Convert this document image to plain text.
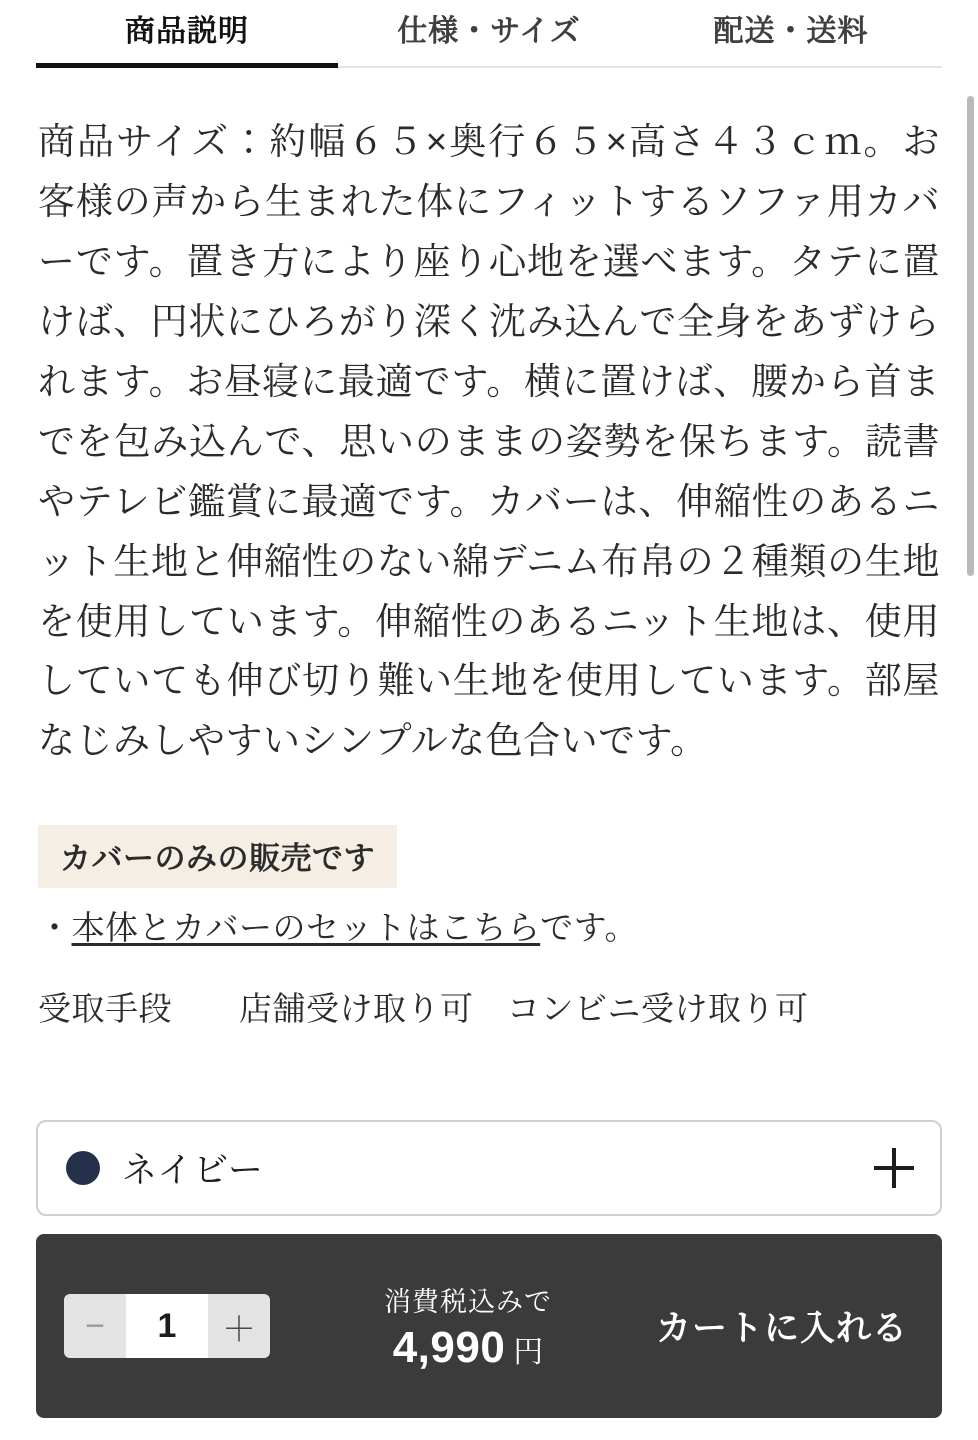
商品説明	仕様・サイズ	配送・送料

商品サイズ：約幅６５×奥行６５×高さ４３ｃｍ。お客様の声から生まれた体にフィットするソファ用カバーです。置き方により座り心地を選べます。タテに置けば、円状にひろがり深く沈み込んで全身をあずけられます。お昼寝に最適です。横に置けば、腰から首までを包み込んで、思いのままの姿勢を保ちます。読書やテレビ鑑賞に最適です。カバーは、伸縮性のあるニット生地と伸縮性のない綿デニム布帛の２種類の生地を使用しています。伸縮性のあるニット生地は、使用していても伸び切り難い生地を使用しています。部屋なじみしやすいシンプルな色合いです。

カバーのみの販売です
・本体とカバーのセットはこちらです。
受取手段　　店舗受け取り可　コンビニ受け取り可
ネイビー
−	1	＋
消費税込みで
4,990 円
カートに入れる
